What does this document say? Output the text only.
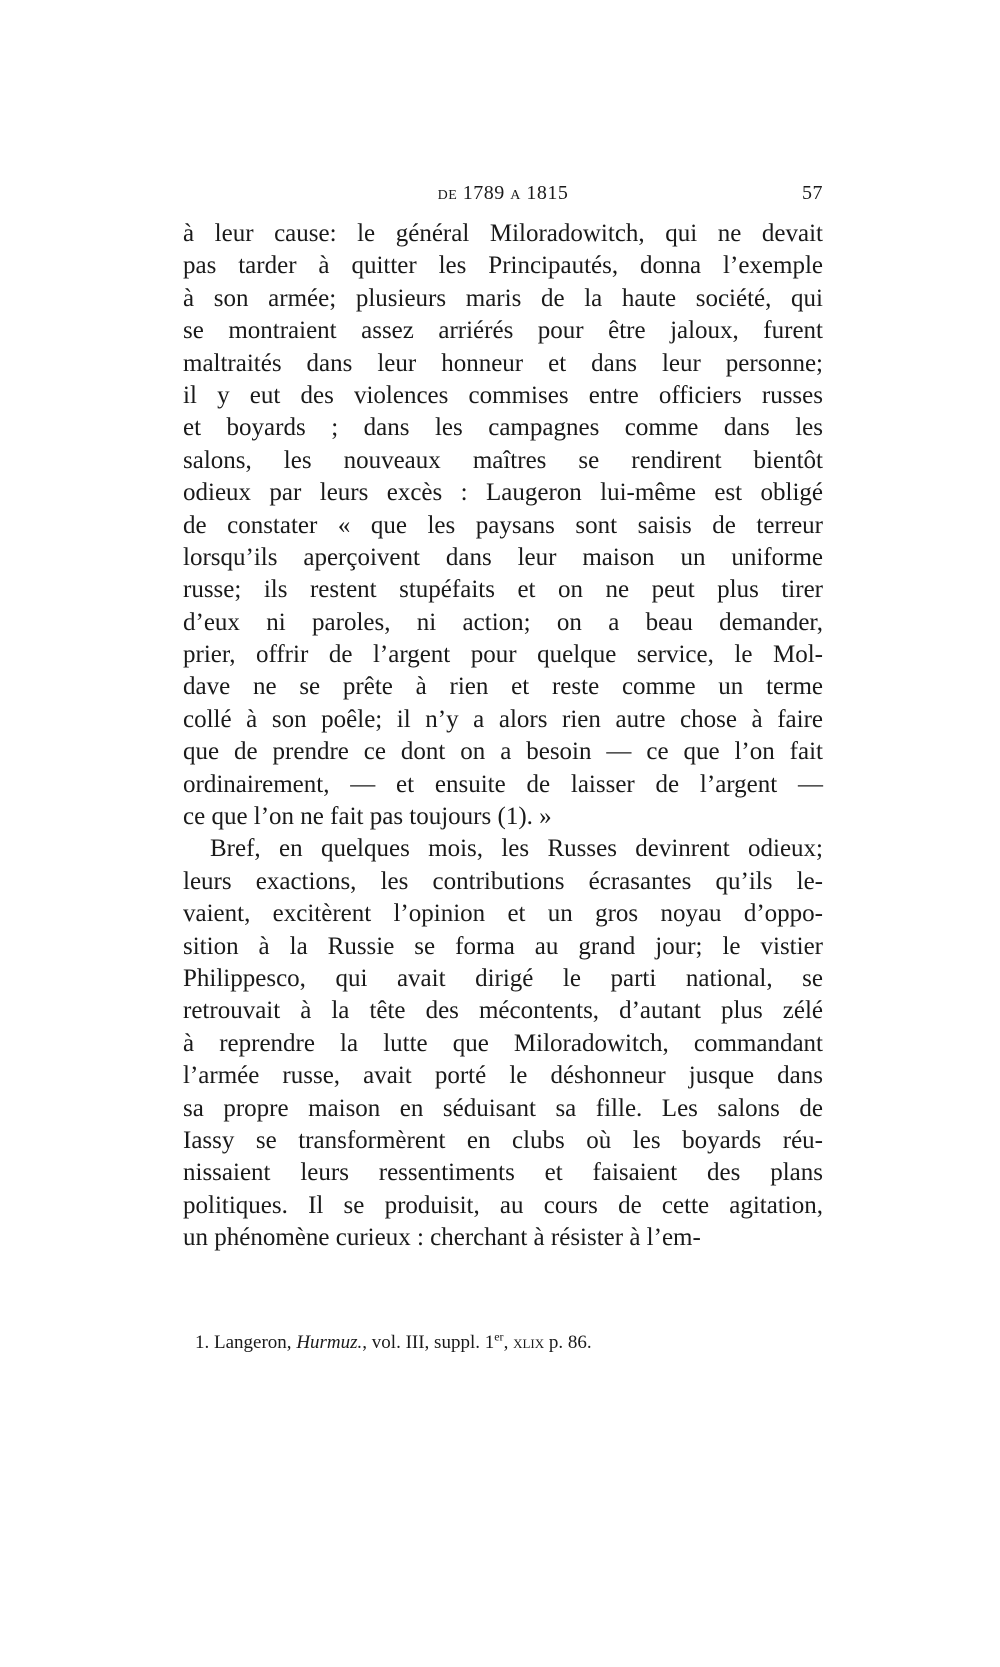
de 1789 a 1815	57
à leur cause: le général Miloradowitch, qui ne devait
pas tarder à quitter les Principautés, donna l’exemple
à son armée; plusieurs maris de la haute société, qui
se montraient assez arriérés pour être jaloux, furent
maltraités dans leur honneur et dans leur personne;
il y eut des violences commises entre officiers russes
et boyards ; dans les campagnes comme dans les
salons, les nouveaux maîtres se rendirent bientôt
odieux par leurs excès : Laugeron lui-même est obligé
de constater « que les paysans sont saisis de terreur
lorsqu’ils aperçoivent dans leur maison un uniforme
russe; ils restent stupéfaits et on ne peut plus tirer
d’eux ni paroles, ni action; on a beau demander,
prier, offrir de l’argent pour quelque service, le Mol-
dave ne se prête à rien et reste comme un terme
collé à son poêle; il n’y a alors rien autre chose à faire
que de prendre ce dont on a besoin — ce que l’on fait
ordinairement, — et ensuite de laisser de l’argent —
ce que l’on ne fait pas toujours (1). »
Bref, en quelques mois, les Russes devinrent odieux;
leurs exactions, les contributions écrasantes qu’ils le-
vaient, excitèrent l’opinion et un gros noyau d’oppo-
sition à la Russie se forma au grand jour; le vistier
Philippesco, qui avait dirigé le parti national, se
retrouvait à la tête des mécontents, d’autant plus zélé
à reprendre la lutte que Miloradowitch, commandant
l’armée russe, avait porté le déshonneur jusque dans
sa propre maison en séduisant sa fille. Les salons de
Iassy se transformèrent en clubs où les boyards réu-
nissaient leurs ressentiments et faisaient des plans
politiques. Il se produisit, au cours de cette agitation,
un phénomène curieux : cherchant à résister à l’em-
1. Langeron, Hurmuz., vol. III, suppl. 1er, xlix p. 86.
